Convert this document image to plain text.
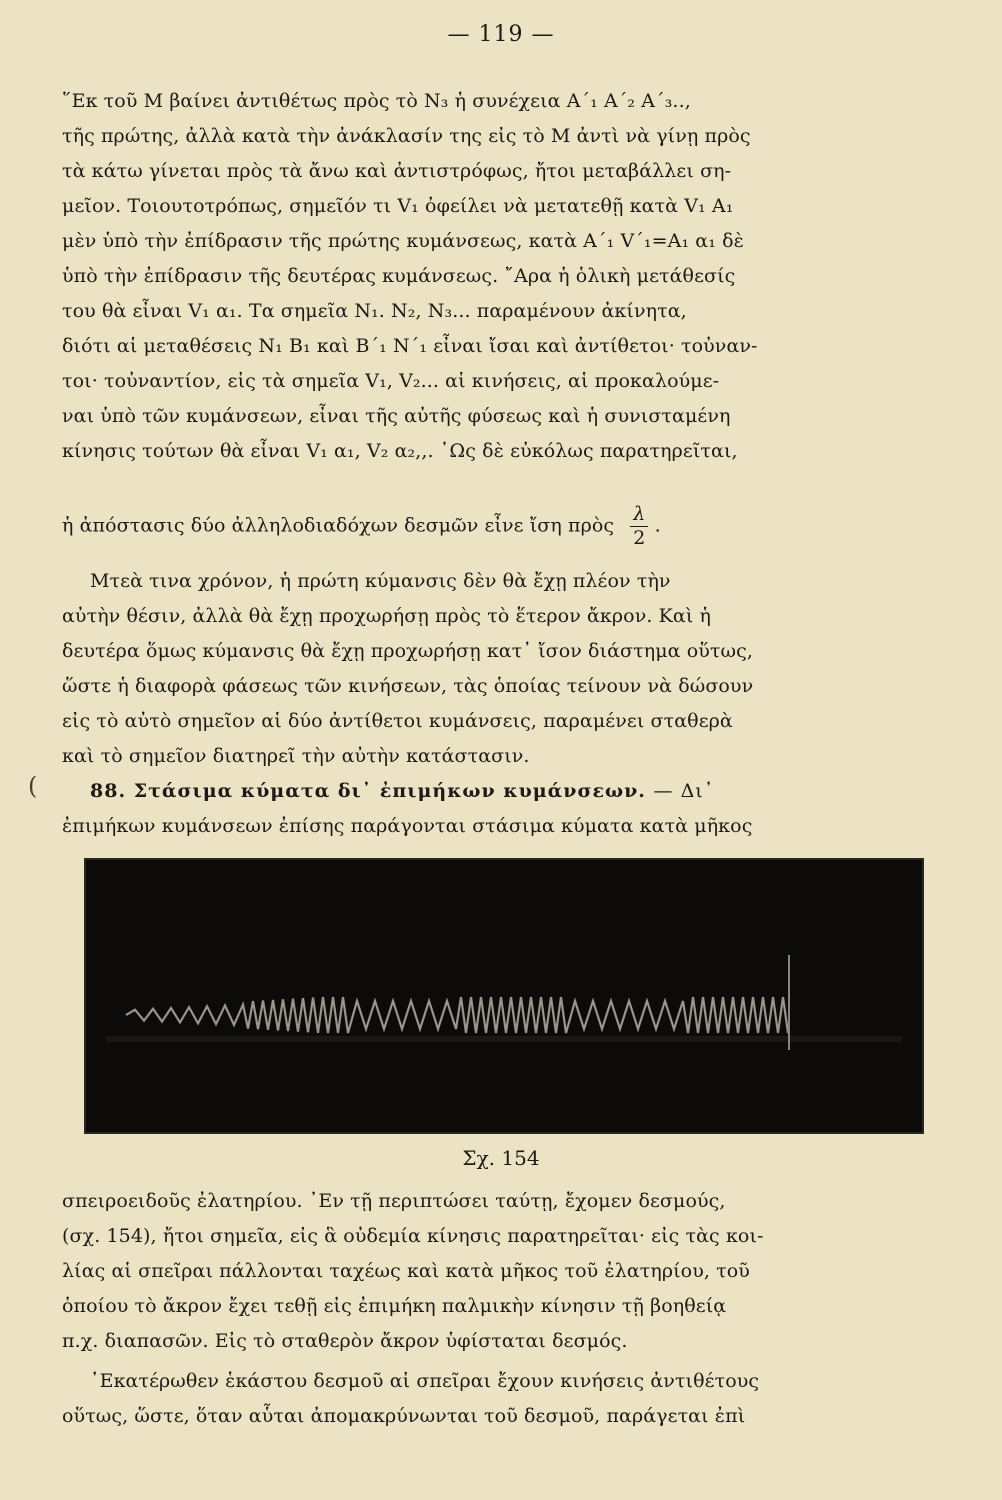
— 119 —
(
῞Εκ τοῦ Μ βαίνει ἀντιθέτως πρὸς τὸ Ν₃ ἡ συνέχεια Α΄₁ Α΄₂ Α΄₃..,
τῆς πρώτης, ἀλλὰ κατὰ τὴν ἀνάκλασίν της εἰς τὸ Μ ἀντὶ νὰ γίνῃ πρὸς
τὰ κάτω γίνεται πρὸς τὰ ἄνω καὶ ἀντιστρόφως, ἤτοι μεταβάλλει ση-
μεῖον. Τοιουτοτρόπως, σημεῖόν τι V₁ ὀφείλει νὰ μετατεθῇ κατὰ V₁ A₁
μὲν ὑπὸ τὴν ἐπίδρασιν τῆς πρώτης κυμάνσεως, κατὰ Α΄₁ V΄₁=A₁ α₁ δὲ
ὑπὸ τὴν ἐπίδρασιν τῆς δευτέρας κυμάνσεως. ῎Αρα ἡ ὁλικὴ μετάθεσίς
του θὰ εἶναι V₁ α₁. Τα σημεῖα Ν₁. Ν₂, Ν₃... παραμένουν ἀκίνητα,
διότι αἱ μεταθέσεις Ν₁ Β₁ καὶ Β΄₁ Ν΄₁ εἶναι ἴσαι καὶ ἀντίθετοι· τοὐναν-
τοι· τοὐναντίον, εἰς τὰ σημεῖα V₁, V₂... αἱ κινήσεις, αἱ προκαλούμε-
ναι ὑπὸ τῶν κυμάνσεων, εἶναι τῆς αὐτῆς φύσεως καὶ ἡ συνισταμένη
κίνησις τούτων θὰ εἶναι V₁ α₁, V₂ α₂,,. ῾Ως δὲ εὐκόλως παρατηρεῖται,
ἡ ἀπόστασις δύο ἀλληλοδιαδόχων δεσμῶν εἶνε ἴση πρὸς $\frac{\lambda}{2}$ .
Μτεὰ τινα χρόνον, ἡ πρώτη κύμανσις δὲν θὰ ἔχῃ πλέον τὴν
αὐτὴν θέσιν, ἀλλὰ θὰ ἔχῃ προχωρήσῃ πρὸς τὸ ἕτερον ἄκρον. Καὶ ἡ
δευτέρα ὅμως κύμανσις θὰ ἔχῃ προχωρήσῃ κατ᾿ ἴσον διάστημα οὕτως,
ὥστε ἡ διαφορὰ φάσεως τῶν κινήσεων, τὰς ὁποίας τείνουν νὰ δώσουν
εἰς τὸ αὐτὸ σημεῖον αἱ δύο ἀντίθετοι κυμάνσεις, παραμένει σταθερὰ
καὶ τὸ σημεῖον διατηρεῖ τὴν αὐτὴν κατάστασιν.
88. Στάσιμα κύματα δι᾿ ἐπιμήκων κυμάνσεων. — Δι᾿
ἐπιμήκων κυμάνσεων ἐπίσης παράγονται στάσιμα κύματα κατὰ μῆκος
Σχ. 154
σπειροειδοῦς ἐλατηρίου. ᾿Εν τῇ περιπτώσει ταύτῃ, ἔχομεν δεσμούς,
(σχ. 154), ἤτοι σημεῖα, εἰς ἃ οὐδεμία κίνησις παρατηρεῖται· εἰς τὰς κοι-
λίας αἱ σπεῖραι πάλλονται ταχέως καὶ κατὰ μῆκος τοῦ ἐλατηρίου, τοῦ
ὁποίου τὸ ἄκρον ἔχει τεθῇ εἰς ἐπιμήκη παλμικὴν κίνησιν τῇ βοηθείᾳ
π.χ. διαπασῶν. Εἰς τὸ σταθερὸν ἄκρον ὑφίσταται δεσμός.
῾Εκατέρωθεν ἑκάστου δεσμοῦ αἱ σπεῖραι ἔχουν κινήσεις ἀντιθέτους
οὕτως, ὥστε, ὅταν αὗται ἀπομακρύνωνται τοῦ δεσμοῦ, παράγεται ἐπὶ
